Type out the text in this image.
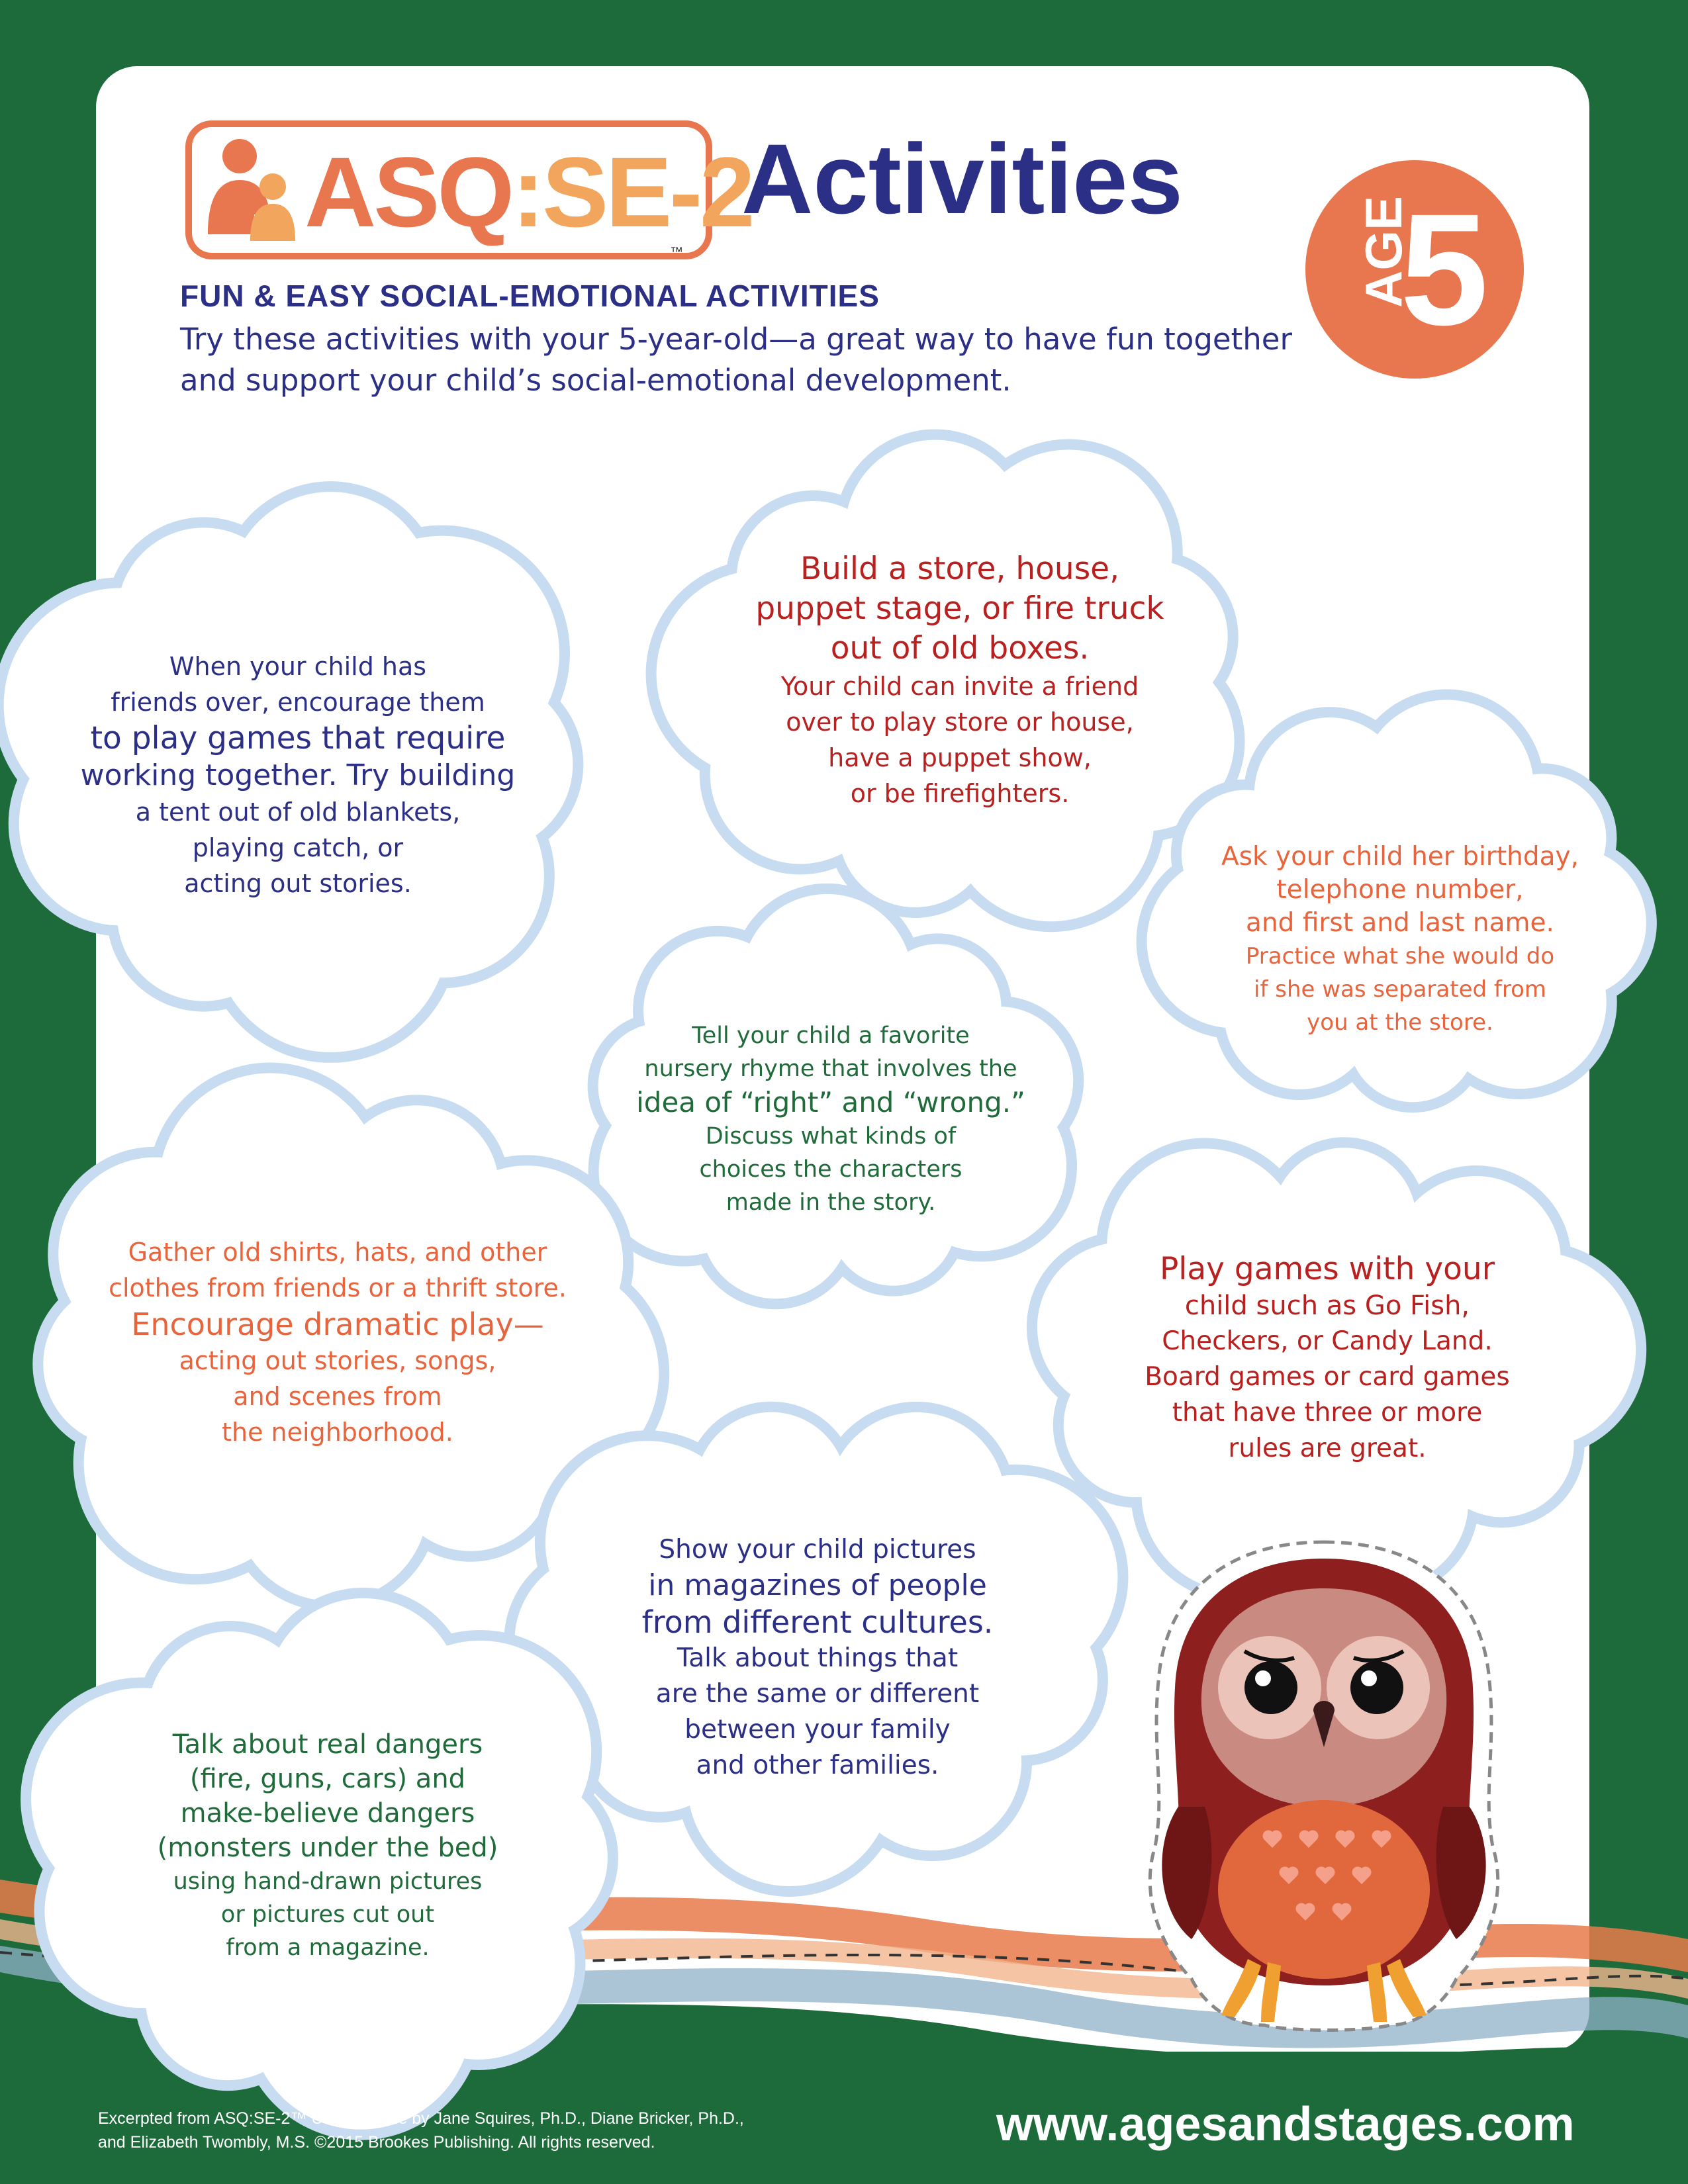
ASQ:SE-2
™
Activities
AGE
5
FUN & EASY SOCIAL-EMOTIONAL ACTIVITIES
Try these activities with your 5-year-old—a great way to have fun together and support your child’s social-emotional development.
When your child has
friends over, encourage them
to play games that require
working together. Try building
a tent out of old blankets,
playing catch, or
acting out stories.
Build a store, house,
puppet stage, or fire truck
out of old boxes.
Your child can invite a friend
over to play store or house,
have a puppet show,
or be firefighters.
Ask your child her birthday,
telephone number,
and first and last name.
Practice what she would do
if she was separated from
you at the store.
Tell your child a favorite
nursery rhyme that involves the
idea of “right” and “wrong.”
Discuss what kinds of
choices the characters
made in the story.
Gather old shirts, hats, and other
clothes from friends or a thrift store.
Encourage dramatic play—
acting out stories, songs,
and scenes from
the neighborhood.
Play games with your
child such as Go Fish,
Checkers, or Candy Land.
Board games or card games
that have three or more
rules are great.
Show your child pictures
in magazines of people
from different cultures.
Talk about things that
are the same or different
between your family
and other families.
Talk about real dangers
(fire, guns, cars) and
make-believe dangers
(monsters under the bed)
using hand-drawn pictures
or pictures cut out
from a magazine.
Excerpted from ASQ:SE-2™ User’s Guide by Jane Squires, Ph.D., Diane Bricker, Ph.D.,
and Elizabeth Twombly, M.S. ©2015 Brookes Publishing. All rights reserved.	www.agesandstages.com
